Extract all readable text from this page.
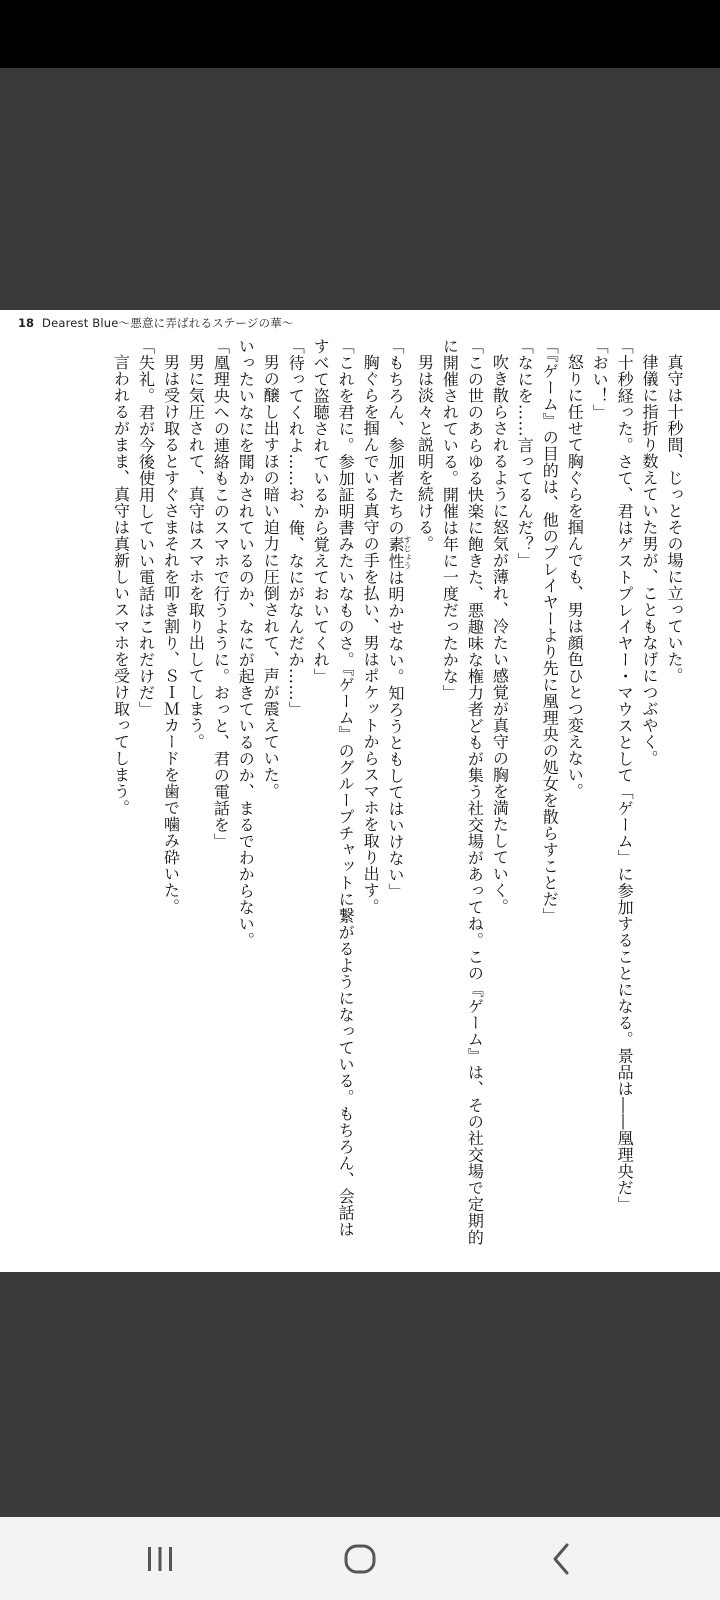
18 Dearest Blue〜悪意に弄ばれるステージの華〜

真守は十秒間、じっとその場に立っていた。

律儀に指折り数えていた男が、こともなげにつぶやく。

「十秒経った。さて、君はゲストプレイヤー・マウスとして「ゲーム」に参加することになる。景品は――凰理央だ」

「おい！」

怒りに任せて胸ぐらを掴んでも、男は顔色ひとつ変えない。

「『ゲーム』の目的は、他のプレイヤーより先に凰理央の処女を散らすことだ」

「なにを……言ってるんだ？」

吹き散らされるように怒気が薄れ、冷たい感覚が真守の胸を満たしていく。

「この世のあらゆる快楽に飽きた、悪趣味な権力者どもが集う社交場があってね。この『ゲーム』は、その社交場で定期的

に開催されている。開催は年に一度だったかな」

男は淡々と説明を続ける。

「もちろん、参加者たちの素性すじょうは明かせない。知ろうともしてはいけない」

胸ぐらを掴んでいる真守の手を払い、男はポケットからスマホを取り出す。

「これを君に。参加証明書みたいなものさ。『ゲーム』のグループチャットに繋がるようになっている。もちろん、会話は

すべて盗聴されているから覚えておいてくれ」

「待ってくれよ……お、俺、なにがなんだか……」

男の醸し出すほの暗い迫力に圧倒されて、声が震えていた。

いったいなにを聞かされているのか、なにが起きているのか、まるでわからない。

「凰理央への連絡もこのスマホで行うように。おっと、君の電話を」

男に気圧されて、真守はスマホを取り出してしまう。

男は受け取るとすぐさまそれを叩き割り、ＳＩＭカードを歯で噛み砕いた。

「失礼。君が今後使用していい電話はこれだけだ」

言われるがまま、真守は真新しいスマホを受け取ってしまう。
